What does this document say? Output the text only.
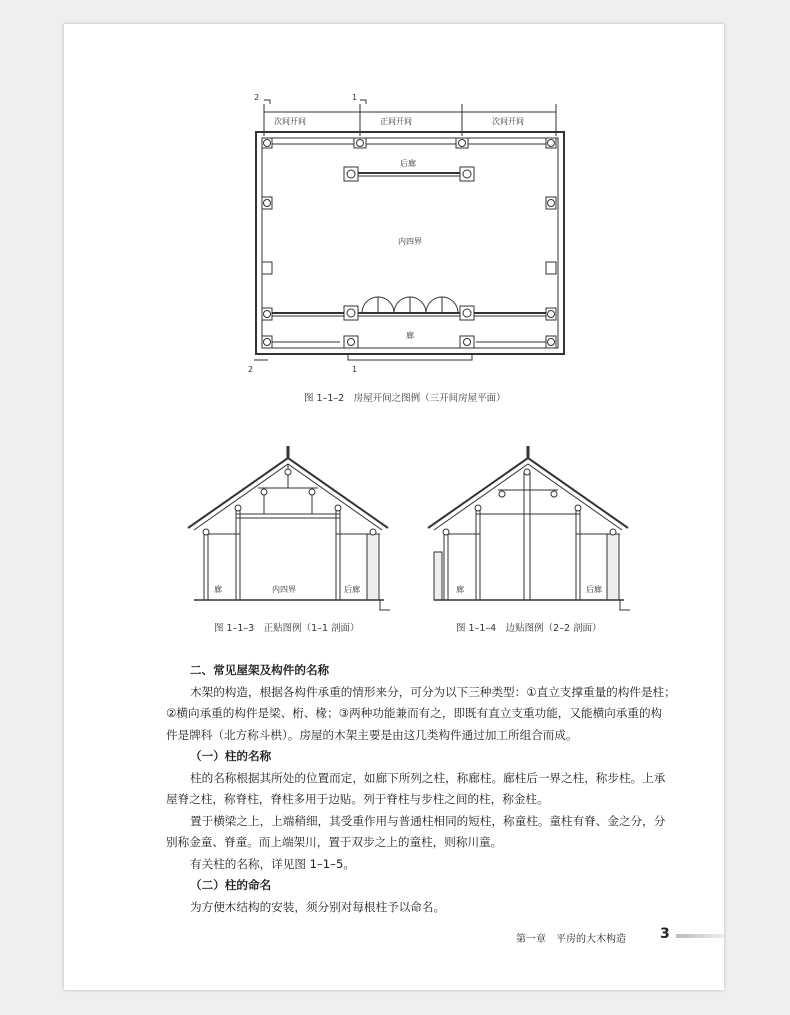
次间开间	正间开间	次间开间
2	1
2	1
后廊
内四界
廊
图 1–1–2　房屋开间之图例（三开间房屋平面）
廊	内四界	后廊
图 1–1–3　正贴图例（1–1 剖面）
廊	后廊
图 1–1–4　边贴图例（2–2 剖面）

二、常见屋架及构件的名称

木架的构造，根据各构件承重的情形来分，可分为以下三种类型：①直立支撑重量的构件是柱；

②横向承重的构件是梁、桁、椽；③两种功能兼而有之，即既有直立支重功能，又能横向承重的构

件是牌科（北方称斗栱）。房屋的木架主要是由这几类构件通过加工所组合而成。

（一）柱的名称

柱的名称根据其所处的位置而定，如廊下所列之柱，称廊柱。廊柱后一界之柱，称步柱。上承

屋脊之柱，称脊柱，脊柱多用于边贴。列于脊柱与步柱之间的柱，称金柱。

置于横梁之上，上端稍细，其受重作用与普通柱相同的短柱，称童柱。童柱有脊、金之分，分

别称金童、脊童。而上端架川，置于双步之上的童柱，则称川童。

有关柱的名称，详见图 1–1–5。

（二）柱的命名

为方便木结构的安装，须分别对每根柱予以命名。

第一章　平房的大木构造 3
